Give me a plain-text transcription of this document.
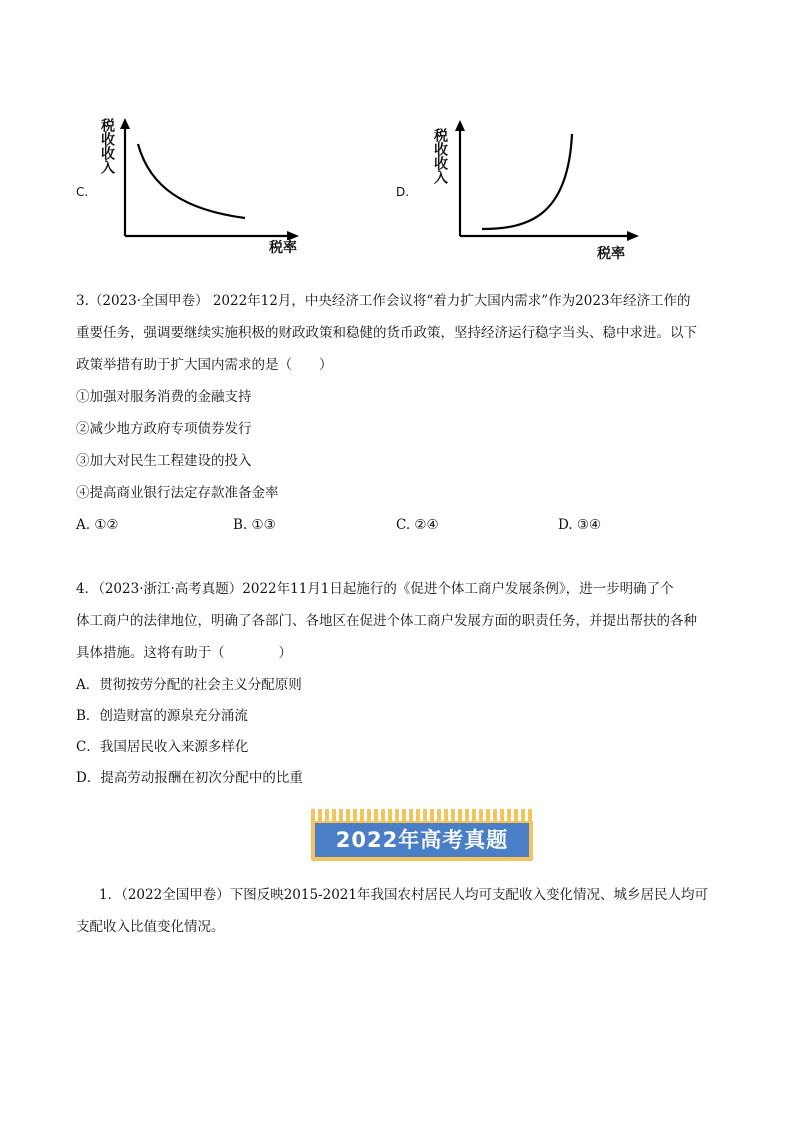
C.
税收收入
税率
D.
税收收入
税率
3.（2023·全国甲卷） 2022年12月，中央经济工作会议将“着力扩大国内需求”作为2023年经济工作的
重要任务，强调要继续实施积极的财政政策和稳健的货币政策，坚持经济运行稳字当头、稳中求进。以下
政策举措有助于扩大国内需求的是（　　）
①加强对服务消费的金融支持
②减少地方政府专项债券发行
③加大对民生工程建设的投入
④提高商业银行法定存款准备金率
A. ①②	B. ①③	C. ②④	D. ③④
4．（2023·浙江·高考真题）2022年11月1日起施行的《促进个体工商户发展条例》，进一步明确了个
体工商户的法律地位，明确了各部门、各地区在促进个体工商户发展方面的职责任务，并提出帮扶的各种
具体措施。这将有助于（　　　　）
A．贯彻按劳分配的社会主义分配原则
B．创造财富的源泉充分涌流
C．我国居民收入来源多样化
D．提高劳动报酬在初次分配中的比重
2022年高考真题
1．（2022全国甲卷）下图反映2015-2021年我国农村居民人均可支配收入变化情况、城乡居民人均可
支配收入比值变化情况。
